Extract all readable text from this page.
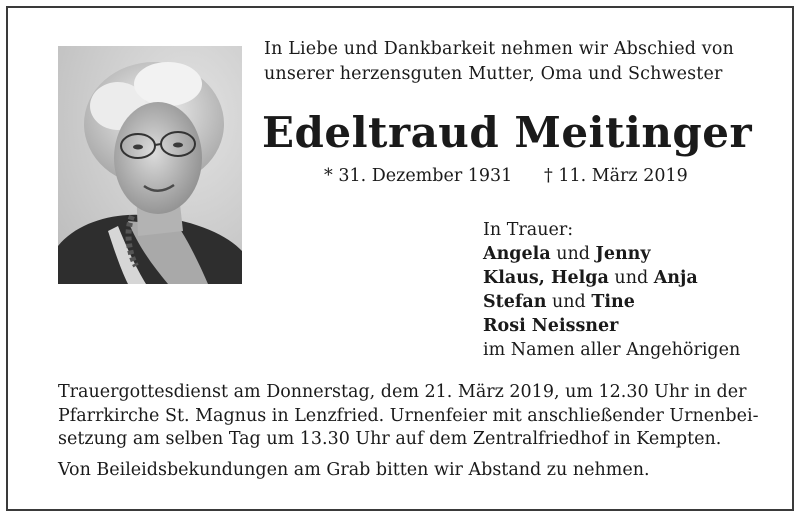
In Liebe und Dankbarkeit nehmen wir Abschied von
unserer herzensguten Mutter, Oma und Schwester
Edeltraud Meitinger
* 31. Dezember 1931 † 11. März 2019
In Trauer:
Angela und Jenny
Klaus, Helga und Anja
Stefan und Tine
Rosi Neissner
im Namen aller Angehörigen
Trauergottesdienst am Donnerstag, dem 21. März 2019, um 12.30 Uhr in der
Pfarrkirche St. Magnus in Lenzfried. Urnenfeier mit anschließender Urnenbei-
setzung am selben Tag um 13.30 Uhr auf dem Zentralfriedhof in Kempten.
Von Beileidsbekundungen am Grab bitten wir Abstand zu nehmen.
